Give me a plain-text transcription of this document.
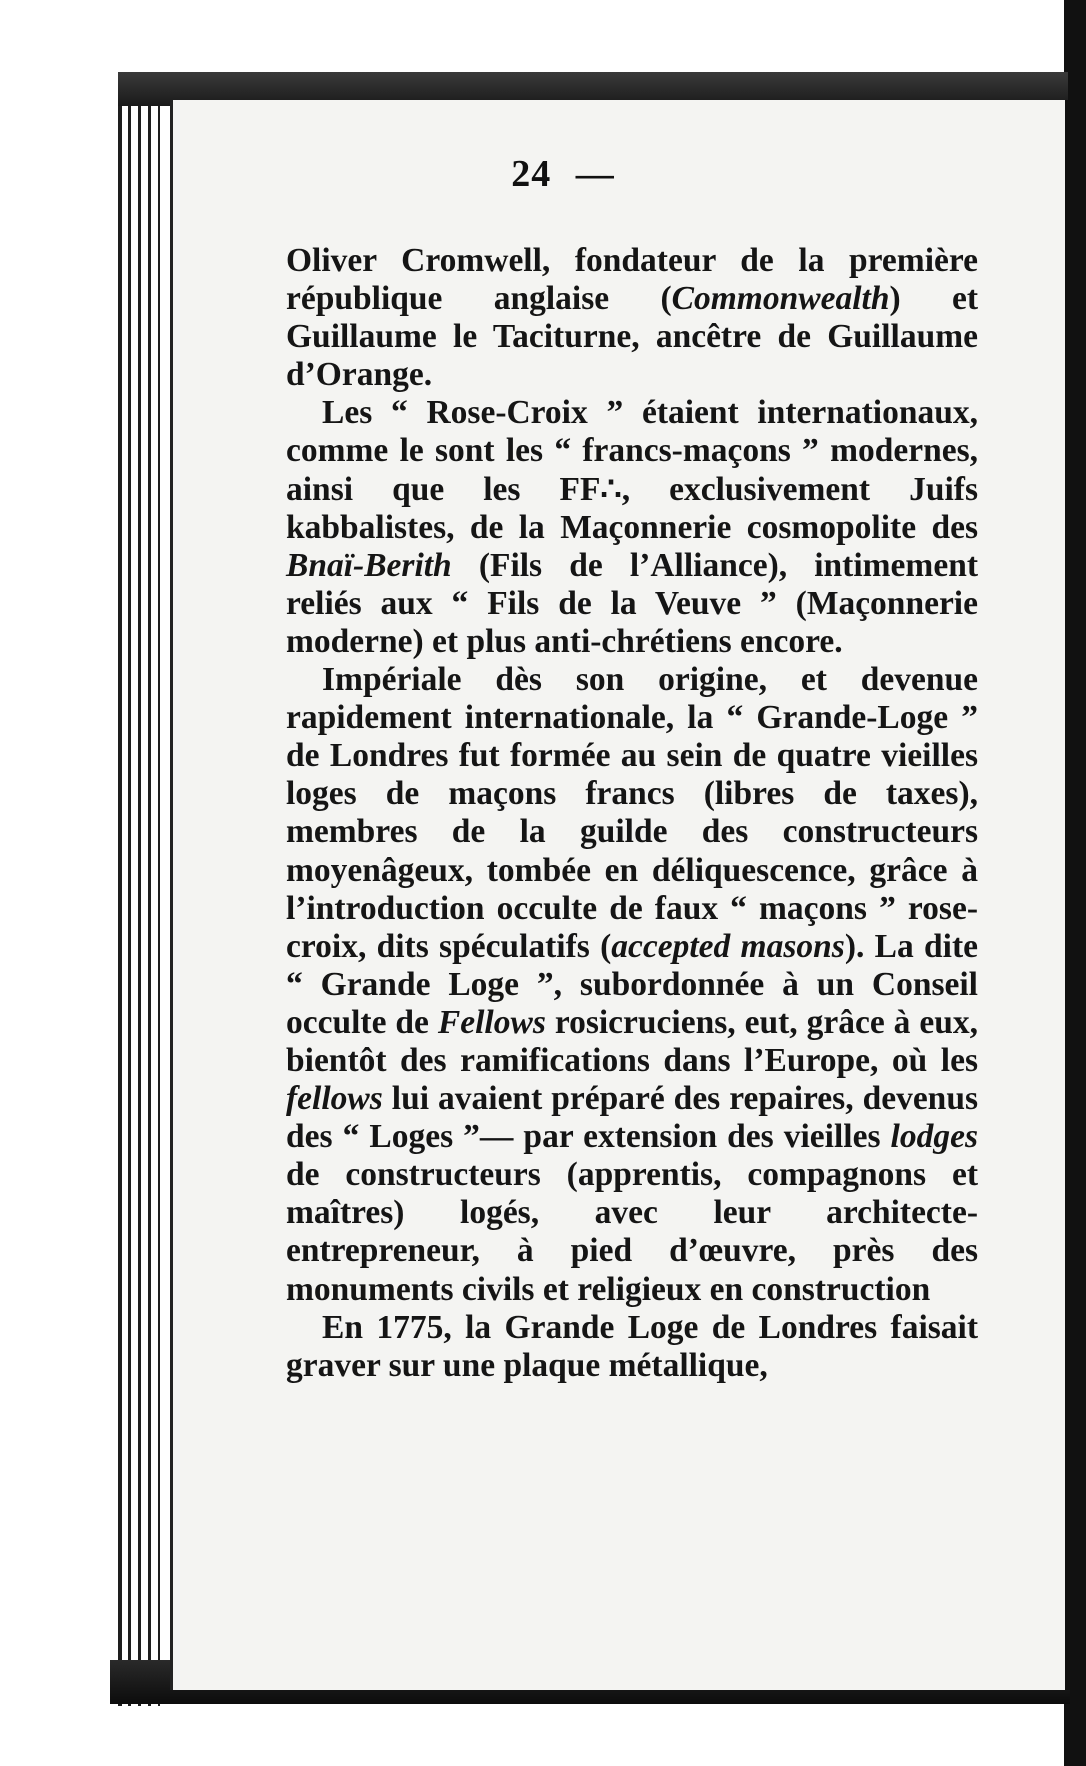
24 —

Oliver Cromwell, fondateur de la première république anglaise (Commonwealth) et Guillaume le Taciturne, ancêtre de Guillaume d’Orange.

Les “ Rose-Croix ” étaient internationaux, comme le sont les “ francs-maçons ” modernes, ainsi que les FF∴, exclusivement Juifs kabbalistes, de la Maçonnerie cosmopolite des Bnaï-Berith (Fils de l’Alliance), intimement reliés aux “ Fils de la Veuve ” (Maçonnerie moderne) et plus anti-chrétiens encore.

Impériale dès son origine, et devenue rapidement internationale, la “ Grande-Loge ” de Londres fut formée au sein de quatre vieilles loges de maçons francs (libres de taxes), membres de la guilde des constructeurs moyenâgeux, tombée en déliquescence, grâce à l’introduction occulte de faux “ maçons ” rose-croix, dits spéculatifs (accepted masons). La dite “ Grande Loge ”, subordonnée à un Conseil occulte de Fellows rosicruciens, eut, grâce à eux, bientôt des ramifications dans l’Europe, où les fellows lui avaient préparé des repaires, devenus des “ Loges ”— par extension des vieilles lodges de constructeurs (apprentis, compagnons et maîtres) logés, avec leur architecte-entrepreneur, à pied d’œuvre, près des monuments civils et religieux en construction

En 1775, la Grande Loge de Londres faisait graver sur une plaque métallique,
